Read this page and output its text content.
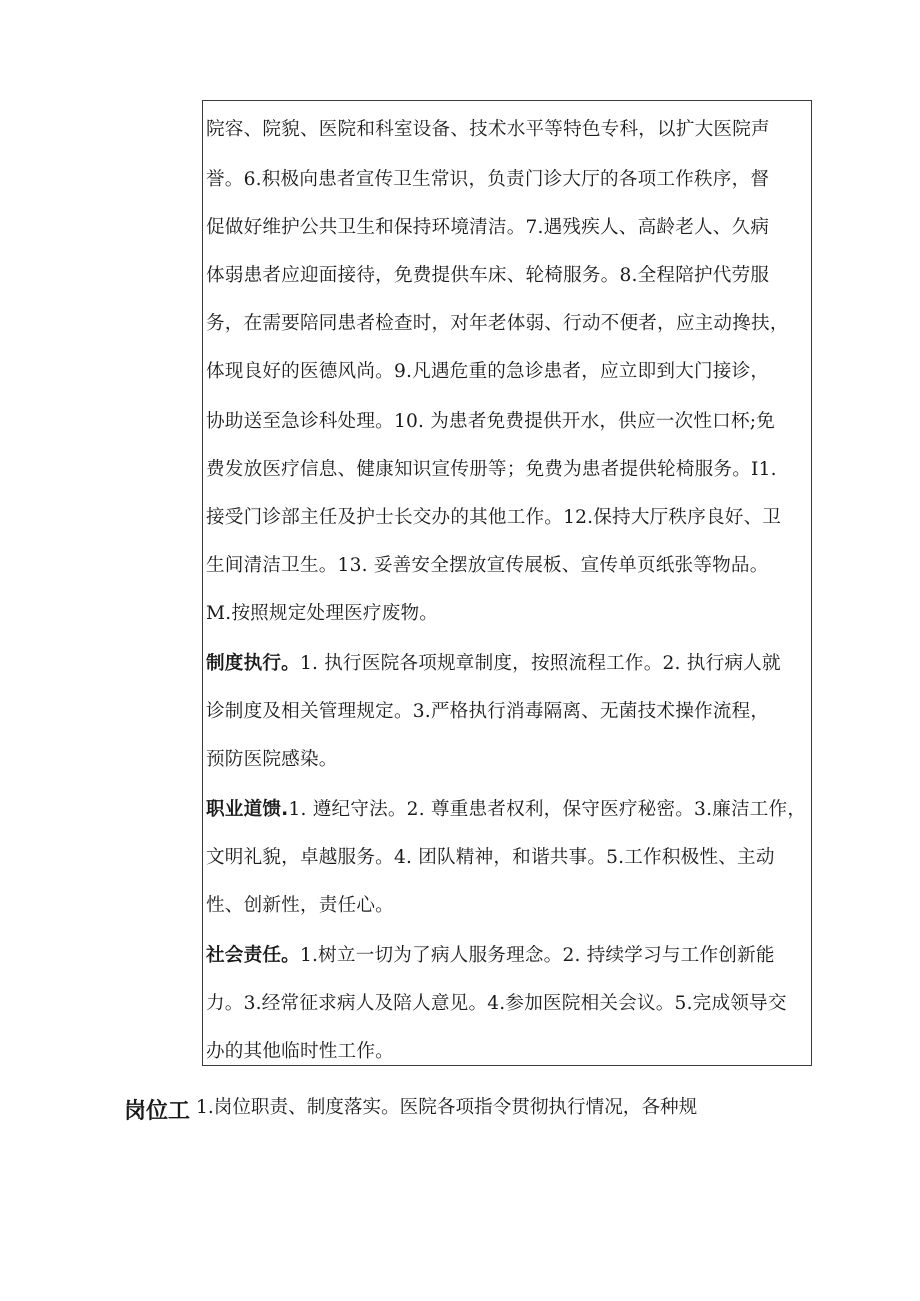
院容、院貌、医院和科室设备、技术水平等特色专科，以扩大医院声
誉。6.积极向患者宣传卫生常识，负责门诊大厅的各项工作秩序，督
促做好维护公共卫生和保持环境清洁。7.遇残疾人、高龄老人、久病
体弱患者应迎面接待，免费提供车床、轮椅服务。8.全程陪护代劳服
务，在需要陪同患者检查时，对年老体弱、行动不便者，应主动搀扶，
体现良好的医德风尚。9.凡遇危重的急诊患者，应立即到大门接诊，
协助送至急诊科处理。10. 为患者免费提供开水，供应一次性口杯;免
费发放医疗信息、健康知识宣传册等；免费为患者提供轮椅服务。I1.
接受门诊部主任及护士长交办的其他工作。12.保持大厅秩序良好、卫
生间清洁卫生。13. 妥善安全摆放宣传展板、宣传单页纸张等物品。
M.按照规定处理医疗废物。
制度执行。1. 执行医院各项规章制度，按照流程工作。2. 执行病人就
诊制度及相关管理规定。3.严格执行消毒隔离、无菌技术操作流程，
预防医院感染。
职业道馈.1. 遵纪守法。2. 尊重患者权利，保守医疗秘密。3.廉洁工作，
文明礼貌，卓越服务。4. 团队精神，和谐共事。5.工作积极性、主动
性、创新性，责任心。
社会责任。1.树立一切为了病人服务理念。2. 持续学习与工作创新能
力。3.经常征求病人及陪人意见。4.参加医院相关会议。5.完成领导交
办的其他临时性工作。
岗位工 1.岗位职责、制度落实。医院各项指令贯彻执行情况，各种规
